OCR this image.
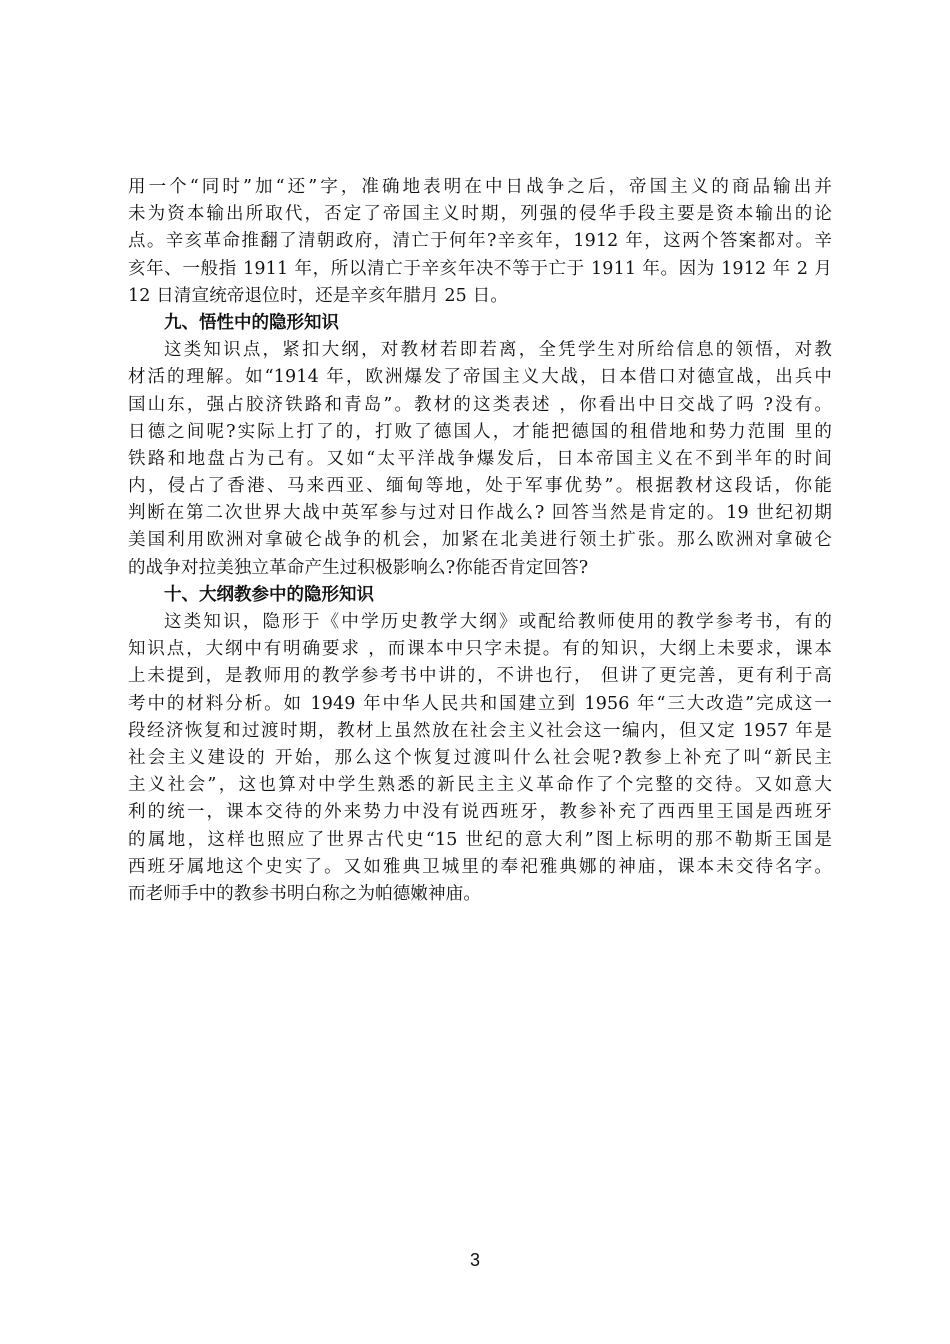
用一个“同时”加“还”字，准确地表明在中日战争之后，帝国主义的商品输出并
未为资本输出所取代，否定了帝国主义时期，列强的侵华手段主要是资本输出的论
点。辛亥革命推翻了清朝政府，清亡于何年?辛亥年，1912 年，这两个答案都对。辛
亥年、一般指 1911 年，所以清亡于辛亥年决不等于亡于 1911 年。因为 1912 年 2 月
12 日清宣统帝退位时，还是辛亥年腊月 25 日。
九、悟性中的隐形知识
这类知识点，紧扣大纲，对教材若即若离，全凭学生对所给信息的领悟，对教
材活的理解。如“1914 年，欧洲爆发了帝国主义大战，日本借口对德宣战，出兵中
国山东，强占胶济铁路和青岛”。教材的这类表述 ，你看出中日交战了吗 ?没有。
日德之间呢?实际上打了的，打败了德国人，才能把德国的租借地和势力范围 里的
铁路和地盘占为己有。又如“太平洋战争爆发后，日本帝国主义在不到半年的时间
内，侵占了香港、马来西亚、缅甸等地，处于军事优势”。根据教材这段话，你能
判断在第二次世界大战中英军参与过对日作战么? 回答当然是肯定的。19 世纪初期
美国利用欧洲对拿破仑战争的机会，加紧在北美进行领土扩张。那么欧洲对拿破仑
的战争对拉美独立革命产生过积极影响么?你能否肯定回答?
十、大纲教参中的隐形知识
这类知识，隐形于《中学历史教学大纲》或配给教师使用的教学参考书，有的
知识点，大纲中有明确要求 ，而课本中只字未提。有的知识，大纲上未要求，课本
上未提到，是教师用的教学参考书中讲的，不讲也行， 但讲了更完善，更有利于高
考中的材料分析。如 1949 年中华人民共和国建立到 1956 年“三大改造”完成这一
段经济恢复和过渡时期，教材上虽然放在社会主义社会这一编内，但又定 1957 年是
社会主义建设的 开始，那么这个恢复过渡叫什么社会呢?教参上补充了叫“新民主
主义社会”，这也算对中学生熟悉的新民主主义革命作了个完整的交待。又如意大
利的统一，课本交待的外来势力中没有说西班牙，教参补充了西西里王国是西班牙
的属地，这样也照应了世界古代史“15 世纪的意大利”图上标明的那不勒斯王国是
西班牙属地这个史实了。又如雅典卫城里的奉祀雅典娜的神庙，课本未交待名字。
而老师手中的教参书明白称之为帕德嫩神庙。
3
